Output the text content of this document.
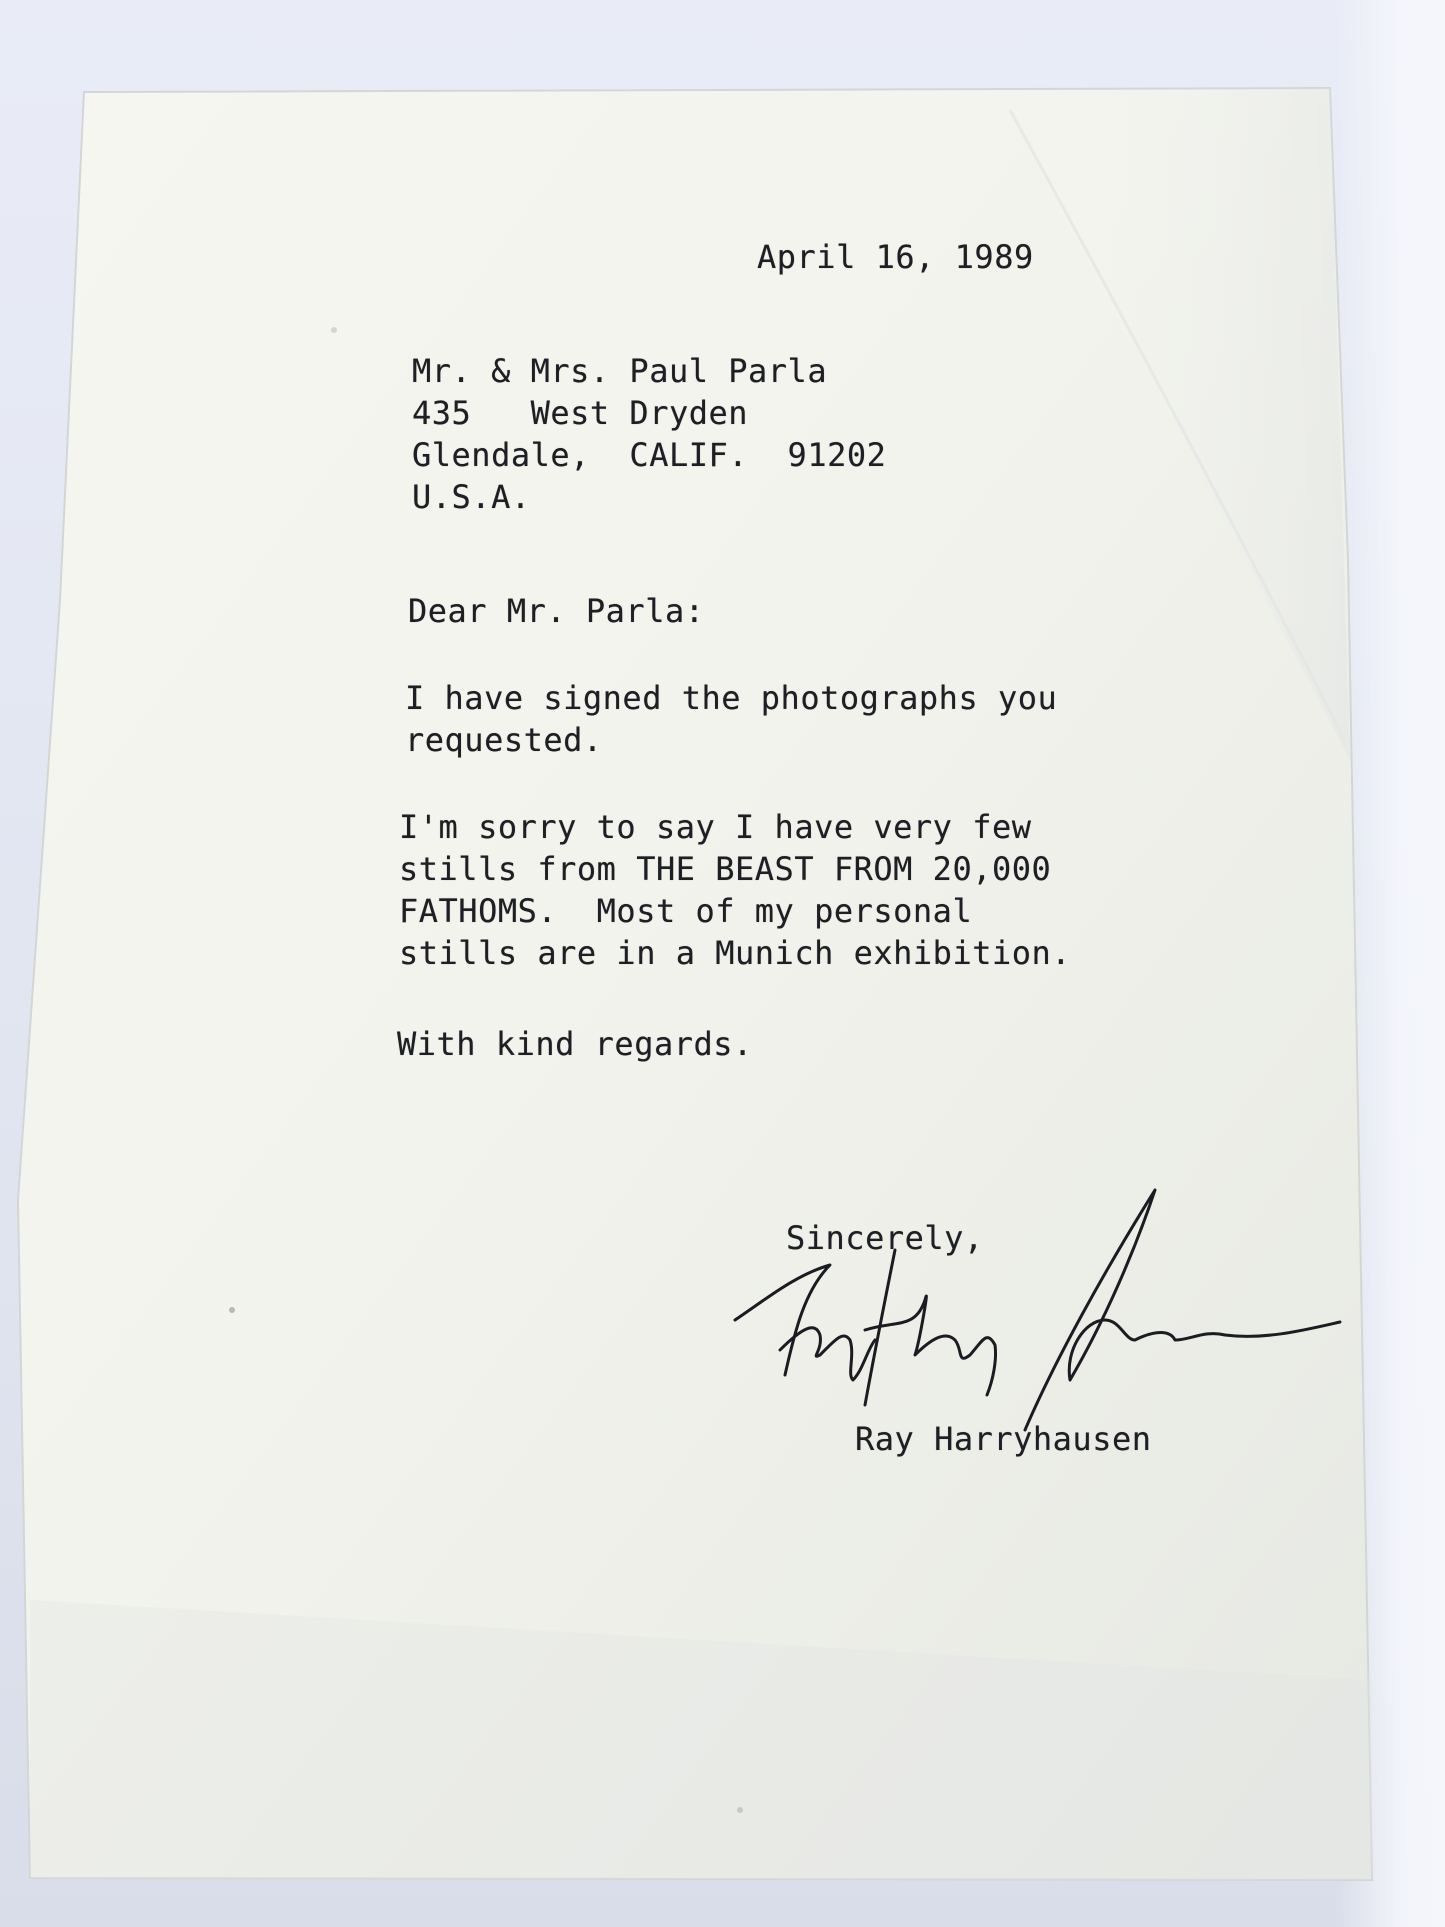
April 16, 1989
Mr. & Mrs. Paul Parla
435   West Dryden
Glendale,  CALIF.  91202
U.S.A.
Dear Mr. Parla:
I have signed the photographs you
requested.
I'm sorry to say I have very few
stills from THE BEAST FROM 20,000
FATHOMS.  Most of my personal
stills are in a Munich exhibition.
With kind regards.
Sincerely,
Ray Harryhausen
